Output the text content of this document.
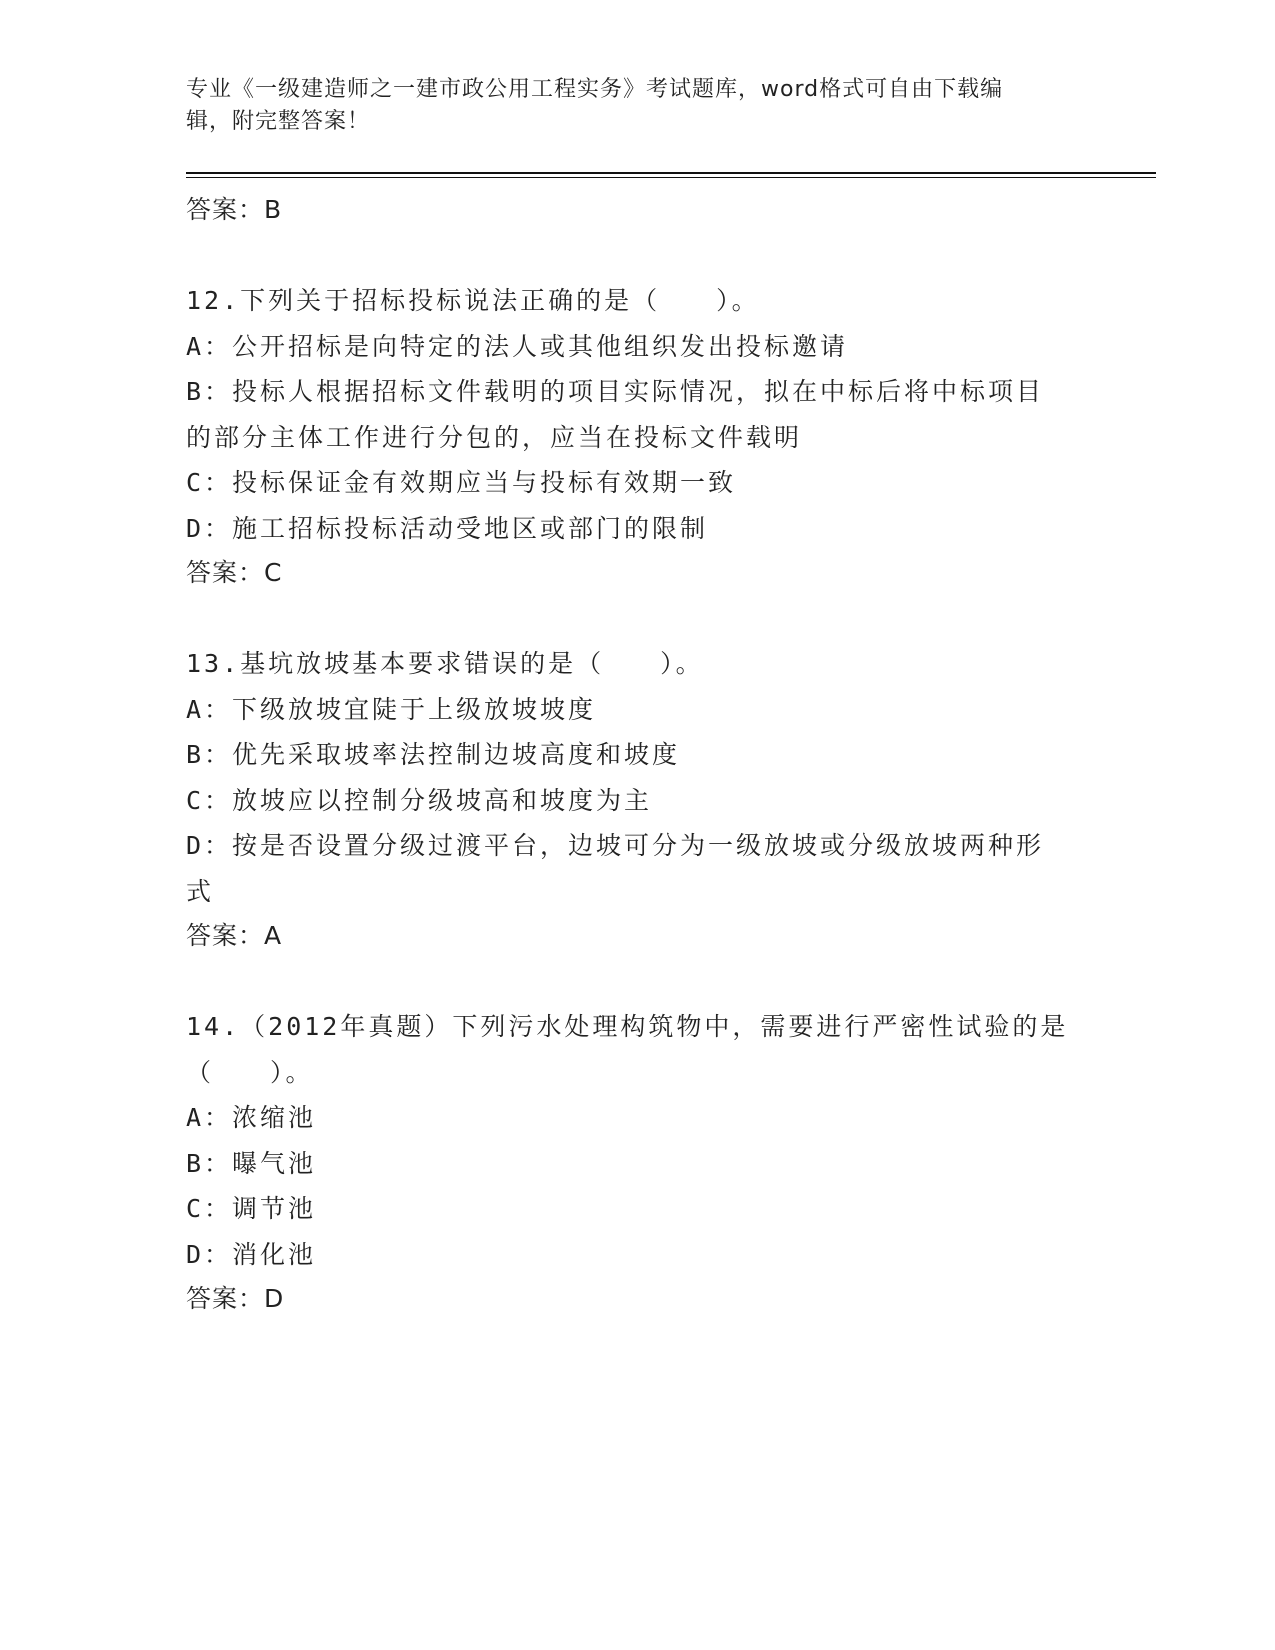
专业《一级建造师之一建市政公用工程实务》考试题库，word格式可自由下载编
辑，附完整答案！
答案：B
12.下列关于招标投标说法正确的是（　　）。
A：公开招标是向特定的法人或其他组织发出投标邀请
B：投标人根据招标文件载明的项目实际情况，拟在中标后将中标项目
的部分主体工作进行分包的，应当在投标文件载明
C：投标保证金有效期应当与投标有效期一致
D：施工招标投标活动受地区或部门的限制
答案：C
13.基坑放坡基本要求错误的是（　　）。
A：下级放坡宜陡于上级放坡坡度
B：优先采取坡率法控制边坡高度和坡度
C：放坡应以控制分级坡高和坡度为主
D：按是否设置分级过渡平台，边坡可分为一级放坡或分级放坡两种形
式
答案：A
14.（2012年真题）下列污水处理构筑物中，需要进行严密性试验的是
（　　）。
A：浓缩池
B：曝气池
C：调节池
D：消化池
答案：D
